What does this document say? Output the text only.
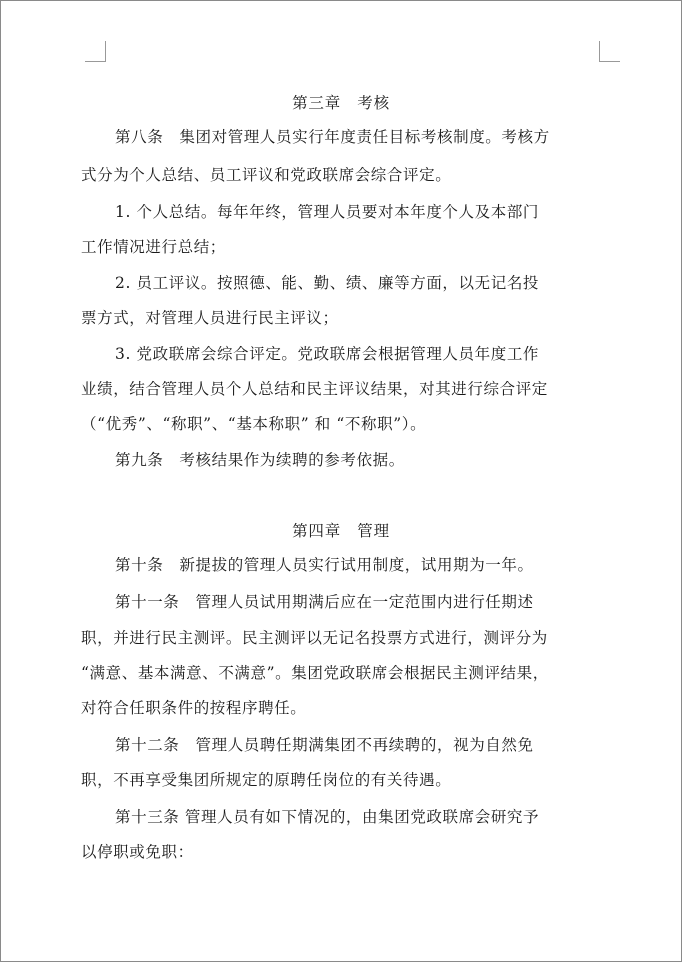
第三章　考核
第八条　集团对管理人员实行年度责任目标考核制度。考核方
式分为个人总结、员工评议和党政联席会综合评定。
1. 个人总结。每年年终，管理人员要对本年度个人及本部门
工作情况进行总结；
2. 员工评议。按照德、能、勤、绩、廉等方面，以无记名投
票方式，对管理人员进行民主评议；
3. 党政联席会综合评定。党政联席会根据管理人员年度工作
业绩，结合管理人员个人总结和民主评议结果，对其进行综合评定
（“优秀”、“称职”、“基本称职” 和 “不称职”）。
第九条　考核结果作为续聘的参考依据。
第四章　管理
第十条　新提拔的管理人员实行试用制度，试用期为一年。
第十一条　管理人员试用期满后应在一定范围内进行任期述
职，并进行民主测评。民主测评以无记名投票方式进行，测评分为
“满意、基本满意、不满意”。集团党政联席会根据民主测评结果，
对符合任职条件的按程序聘任。
第十二条　管理人员聘任期满集团不再续聘的，视为自然免
职，不再享受集团所规定的原聘任岗位的有关待遇。
第十三条 管理人员有如下情况的，由集团党政联席会研究予
以停职或免职：
